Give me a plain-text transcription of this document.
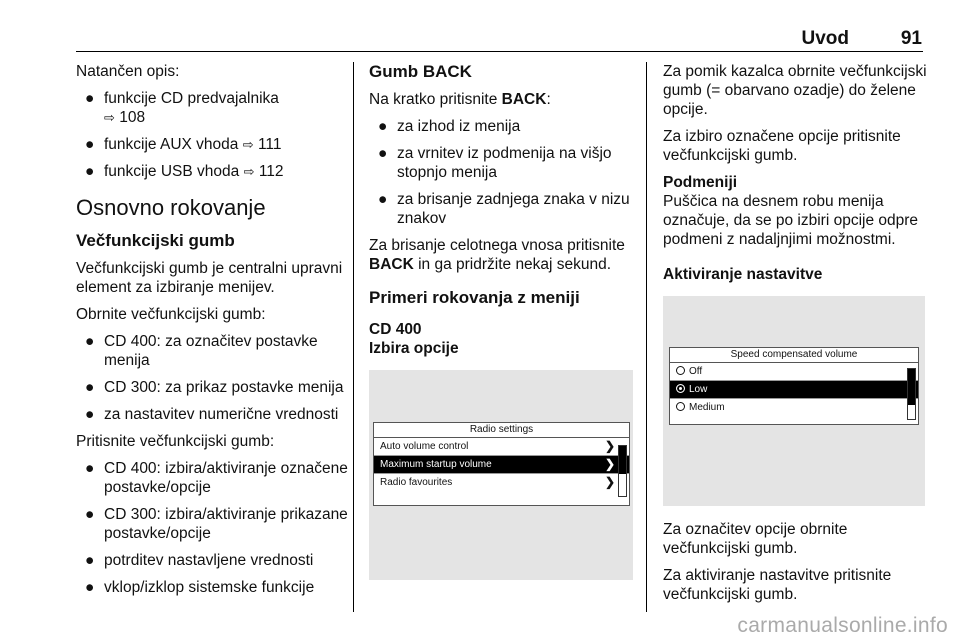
Uvod	91

Natančen opis:

● funkcije CD predvajalnika
⇨ 108
● funkcije AUX vhoda ⇨ 111
● funkcije USB vhoda ⇨ 112
Osnovno rokovanje
Večfunkcijski gumb

Večfunkcijski gumb je centralni upravni element za izbiranje menijev.

Obrnite večfunkcijski gumb:

● CD 400: za označitev postavke menija
● CD 300: za prikaz postavke menija
● za nastavitev numerične vrednosti

Pritisnite večfunkcijski gumb:

● CD 400: izbira/aktiviranje označene postavke/opcije
● CD 300: izbira/aktiviranje prikazane postavke/opcije
● potrditev nastavljene vrednosti
● vklop/izklop sistemske funkcije
Gumb BACK

Na kratko pritisnite BACK:

● za izhod iz menija
● za vrnitev iz podmenija na višjo stopnjo menija
● za brisanje zadnjega znaka v nizu znakov

Za brisanje celotnega vnosa pritisnite
BACK in ga pridržite nekaj sekund.

Primeri rokovanja z meniji
CD 400
Izbira opcije
Radio settings
Auto volume control	❯
Maximum startup volume	❯
Radio favourites	❯

Za pomik kazalca obrnite večfunkcijski gumb (= obarvano ozadje) do želene opcije.

Za izbiro označene opcije pritisnite večfunkcijski gumb.

Podmeniji

Puščica na desnem robu menija označuje, da se po izbiri opcije odpre podmeni z nadaljnjimi možnostmi.

Aktiviranje nastavitve
Speed compensated volume
Off
Low
Medium

Za označitev opcije obrnite večfunkcijski gumb.

Za aktiviranje nastavitve pritisnite večfunkcijski gumb.

carmanualsonline.info
